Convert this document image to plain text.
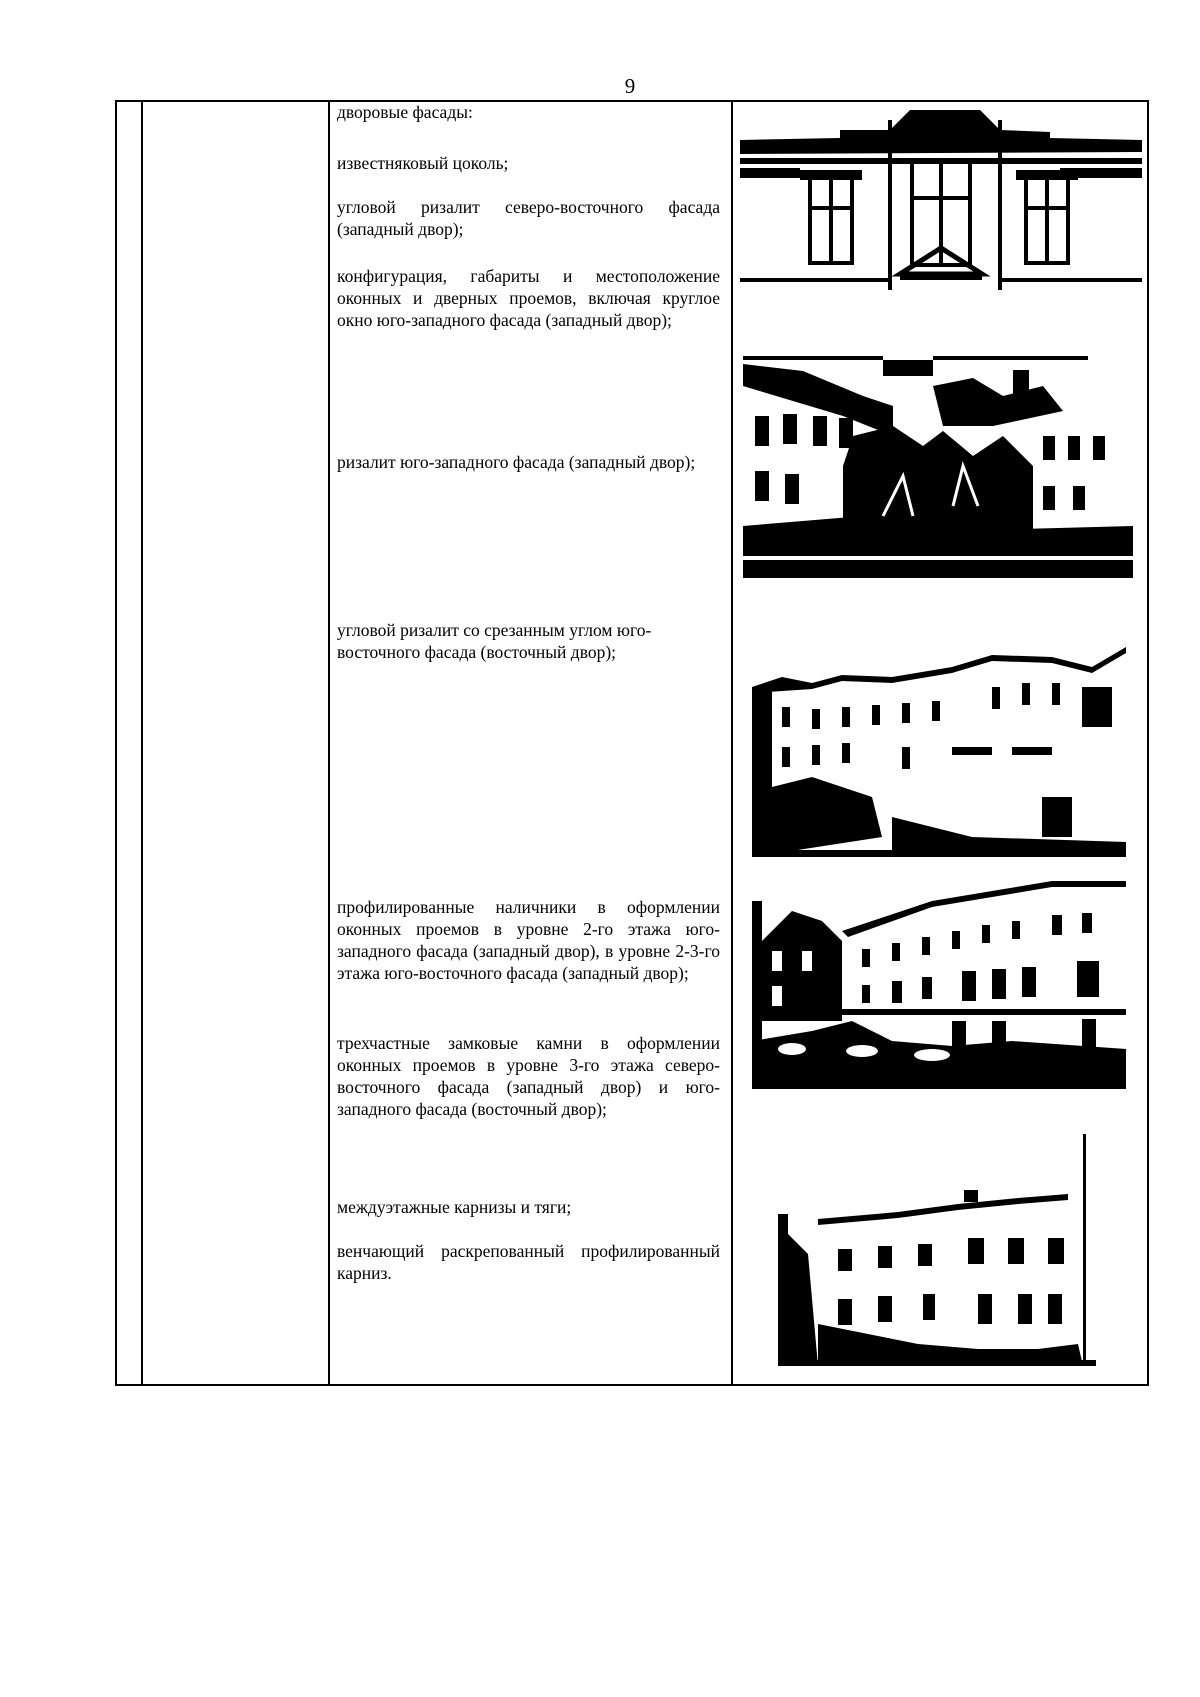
9

дворовые фасады:

известняковый цоколь;

угловой ризалит северо-восточного фасада (западный двор);

конфигурация, габариты и местоположение оконных и дверных проемов, включая круглое окно юго-западного фасада (западный двор);

ризалит юго-западного фасада (западный двор);

угловой ризалит со срезанным углом юго-восточного фасада (восточный двор);

профилированные наличники в оформлении оконных проемов в уровне 2-го этажа юго-западного фасада (западный двор), в уровне 2-3-го этажа юго-восточного фасада (западный двор);

трехчастные замковые камни в оформлении оконных проемов в уровне 3-го этажа северо-восточного фасада (западный двор) и юго-западного фасада (восточный двор);

междуэтажные карнизы и тяги;

венчающий раскрепованный профилированный карниз.
